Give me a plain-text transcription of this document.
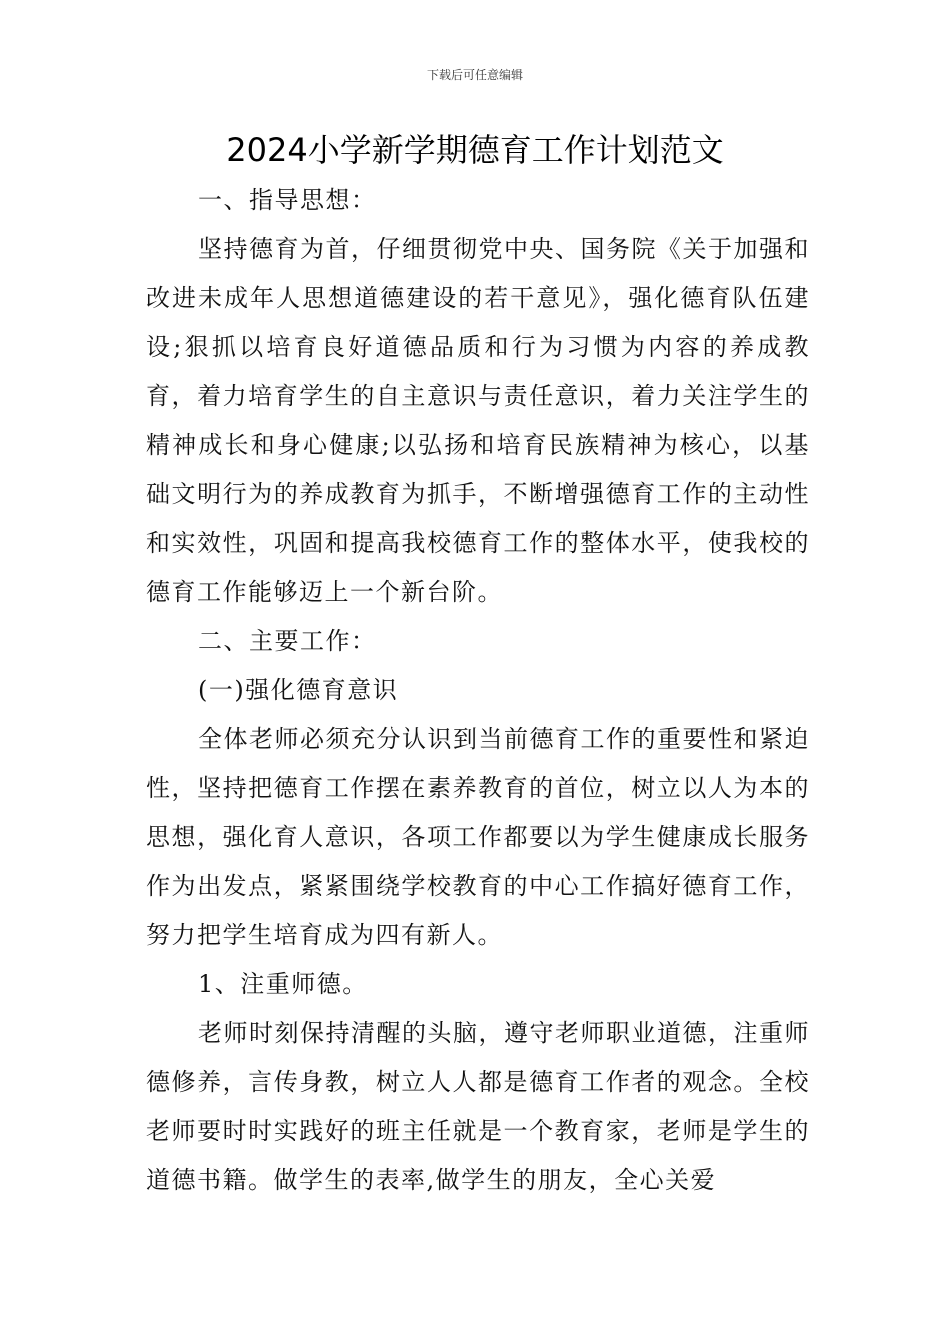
下载后可任意编辑
2024小学新学期德育工作计划范文

一、指导思想：

坚持德育为首，仔细贯彻党中央、国务院《关于加强和改进未成年人思想道德建设的若干意见》，强化德育队伍建设;狠抓以培育良好道德品质和行为习惯为内容的养成教育，着力培育学生的自主意识与责任意识，着力关注学生的精神成长和身心健康;以弘扬和培育民族精神为核心，以基础文明行为的养成教育为抓手，不断增强德育工作的主动性和实效性，巩固和提高我校德育工作的整体水平，使我校的德育工作能够迈上一个新台阶。

二、主要工作：

(一)强化德育意识

全体老师必须充分认识到当前德育工作的重要性和紧迫性，坚持把德育工作摆在素养教育的首位，树立以人为本的思想，强化育人意识，各项工作都要以为学生健康成长服务作为出发点，紧紧围绕学校教育的中心工作搞好德育工作，努力把学生培育成为四有新人。

1、注重师德。

老师时刻保持清醒的头脑，遵守老师职业道德，注重师德修养，言传身教，树立人人都是德育工作者的观念。全校老师要时时实践好的班主任就是一个教育家，老师是学生的道德书籍。做学生的表率,做学生的朋友，全心关爱
